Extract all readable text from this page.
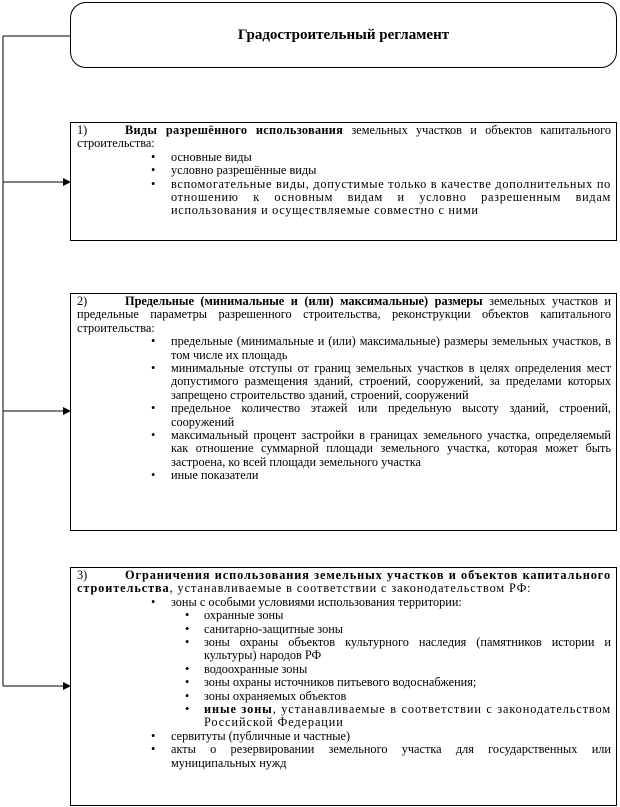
Градостроительный регламент
1)	Виды разрешённого использования земельных участков и объектов капитального строительства:
• основные виды
• условно разрешённые виды
• вспомогательные виды, допустимые только в качестве дополнительных по отношению к основным видам и условно разрешенным видам использования и осуществляемые совместно с ними
2)	Предельные (минимальные и (или) максимальные) размеры земельных участков и предельные параметры разрешенного строительства, реконструкции объектов капитального строительства:
• предельные (минимальные и (или) максимальные) размеры земельных участков, в том числе их площадь
• минимальные отступы от границ земельных участков в целях определения мест допустимого размещения зданий, строений, сооружений, за пределами которых запрещено строительство зданий, строений, сооружений
• предельное количество этажей или предельную высоту зданий, строений, сооружений
• максимальный процент застройки в границах земельного участка, определяемый как отношение суммарной площади земельного участка, которая может быть застроена, ко всей площади земельного участка
• иные показатели
3)	Ограничения использования земельных участков и объектов капитального строительства, устанавливаемые в соответствии с законодательством РФ:
• зоны с особыми условиями использования территории:
• охранные зоны
• санитарно-защитные зоны
• зоны охраны объектов культурного наследия (памятников истории и культуры) народов РФ
• водоохранные зоны
• зоны охраны источников питьевого водоснабжения;
• зоны охраняемых объектов
• иные зоны, устанавливаемые в соответствии с законодательством Российской Федерации
• сервитуты (публичные и частные)
• акты о резервировании земельного участка для государственных или муниципальных нужд
